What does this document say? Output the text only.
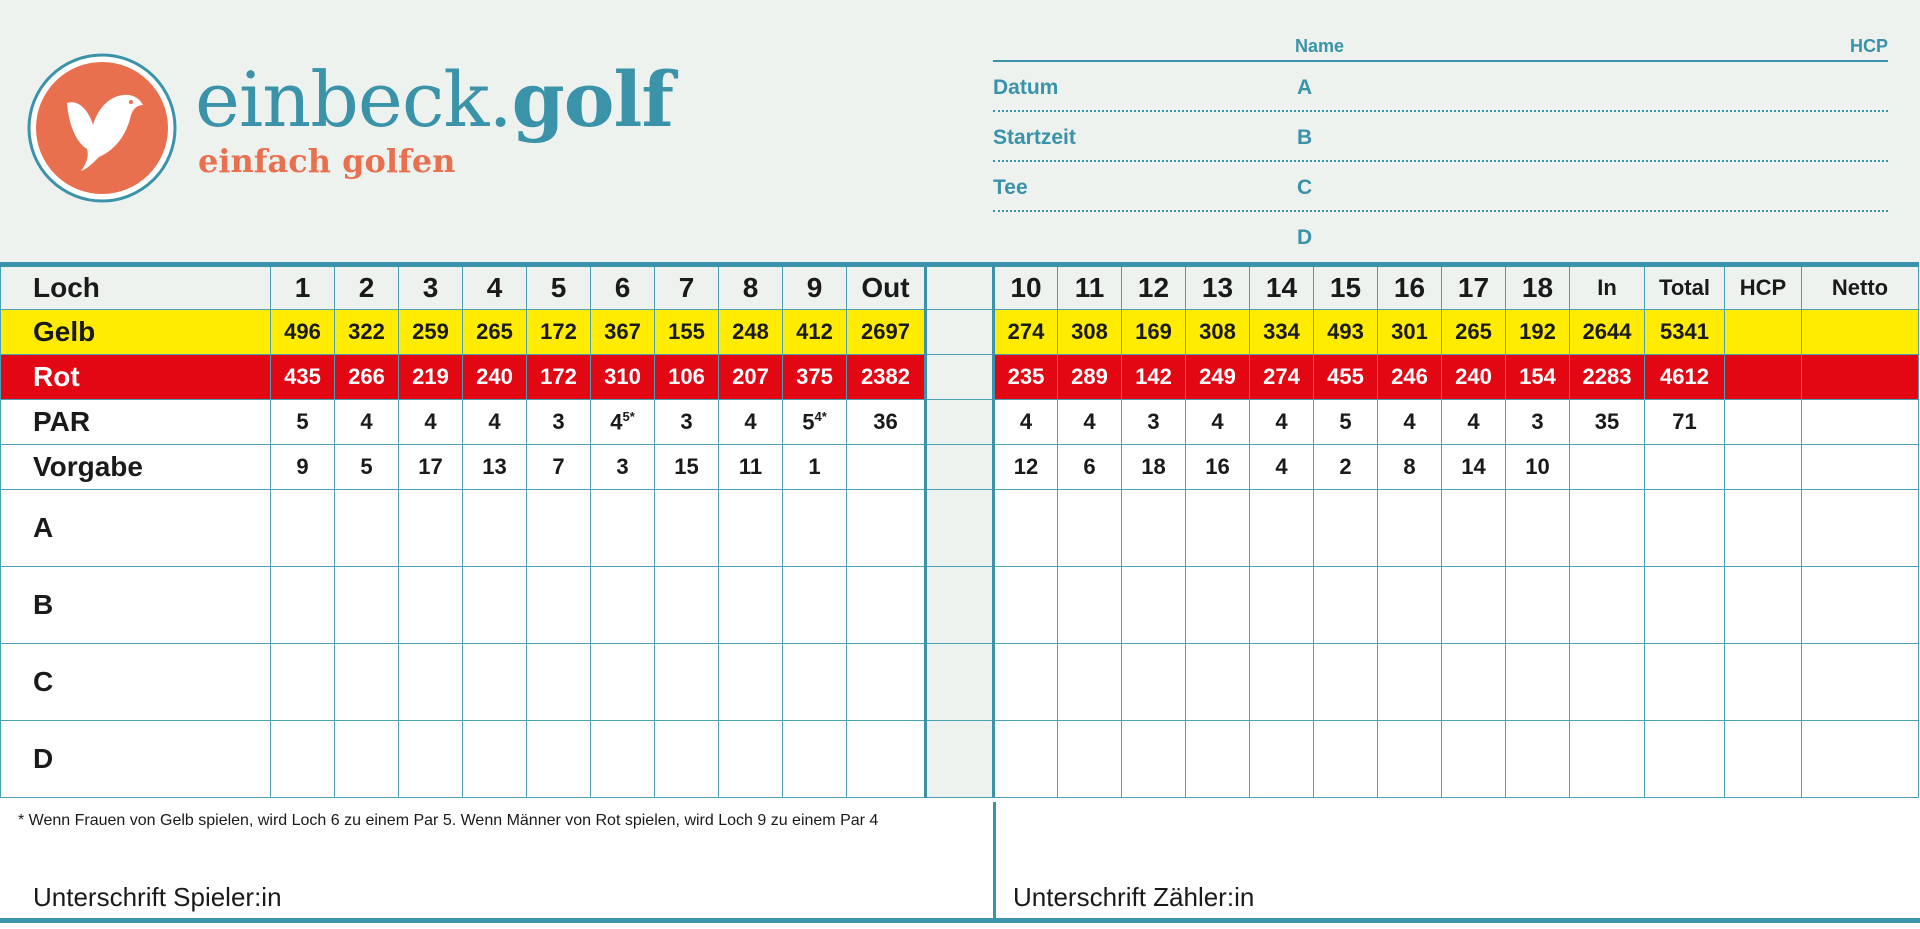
einbeck.golf
einfach golfen
Name	HCP
Datum	A
Startzeit	B
Tee	C
D
Loch	1	2	3	4	5	6	7	8	9	Out		10	11	12	13	14	15	16	17	18	In	Total	HCP	Netto
Gelb	496	322	259	265	172	367	155	248	412	2697		274	308	169	308	334	493	301	265	192	2644	5341		
Rot	435	266	219	240	172	310	106	207	375	2382		235	289	142	249	274	455	246	240	154	2283	4612		
PAR	5	4	4	4	3	$4^{5*}$	3	4	$5^{4*}$	36		4	4	3	4	4	5	4	4	3	35	71		
Vorgabe	9	5	17	13	7	3	15	11	1			12	6	18	16	4	2	8	14	10				
A																								
B																								
C																								
D																								
* Wenn Frauen von Gelb spielen, wird Loch 6 zu einem Par 5. Wenn Männer von Rot spielen, wird Loch 9 zu einem Par 4
Unterschrift Spieler:in	Unterschrift Zähler:in
